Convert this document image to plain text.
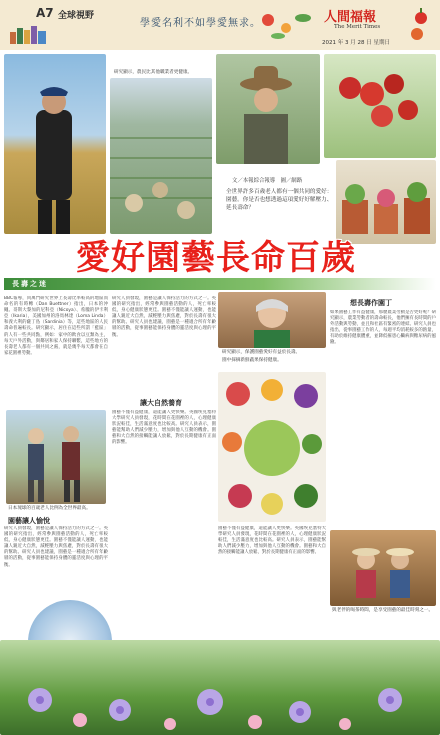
A7 全球視野
學愛名利不如學愛無求。	人間福報
The Merit Times
2021 年 3 月 28 日 星期日
研究顯示，農民比其他職業者更健康。
文／本報綜合報導　圖／網路
全世界許多百歲老人都有一個共同的愛好：園藝。你是否也想透過這項愛好好解壓力、延長壽命？
愛好園藝長命百歲
長壽之迷
BBC報導，同萬門研究世界上長壽比率較高的地區而命名的有時轉（Dan Buettner）指出，日本的沖繩、哥斯大黎加的尼科亞（Nicoya）、希臘的伊卡利亞（Ikaria），美國加州的洛馬林達（Loma Linda）和義大利的薩丁島（Sardinia）等，這些地區的人民壽命普遍較長。研究顯示，居住在這些所謂「藍區」的人有一些共同點，例如：家中的飲食以豆類為主，每天戶外活動，與鄰居和家人保持聯繫，這些地方的長壽老人都有一個共同之處，就是幾乎每天都會在自家花園裡勞動。
日本琉球的百歲老人比例為全世界最高。
園藝讓人愉悅
研究人員發現，園藝是讓人保持活力的方式之一。英國的研究指出，經常參與園藝活動的人，死亡率較低，身心健康狀態更佳。園藝不僅能讓人運動，也能讓人親近大自然，減輕壓力與焦慮，對於長壽有很大的幫助。研究人員也建議，園藝是一種適合所有年齡層的活動，從事園藝能保持身體的靈活度與心理的平衡。
研究人員發現，園藝是讓人保持活力的方式之一。英國的研究指出，經常參與園藝活動的人，死亡率較低，身心健康狀態更佳。園藝不僅能讓人運動，也能讓人親近大自然，減輕壓力與焦慮，對於長壽有很大的幫助。研究人員也建議，園藝是一種適合所有年齡層的活動，從事園藝能保持身體的靈活度與心理的平衡。
讓大自然養育
園藝不僅有益健康，還能讓人更快樂。英國埃克塞特大學研究人員發現，花時間在花園裡的人，心理健康狀況較佳，生活滿意度也比較高。研究人員表示，園藝能幫助人們減少壓力，增加與他人互動的機會。園藝和大自然的接觸能讓人放鬆，對於長期健康有正面的影響。
研究顯示，保護園藝愛好有益於長壽。
園中採摘新鮮蔬果保持健康。
園藝不僅有益健康，還能讓人更快樂。英國埃克塞特大學研究人員發現，花時間在花園裡的人，心理健康狀況較佳，生活滿意度也比較高。研究人員表示，園藝能幫助人們減少壓力，增加與他人互動的機會。園藝和大自然的接觸能讓人放鬆，對於長期健康有正面的影響。
想長壽作園丁
如果園藝工作有益健康，那麼農業勞動是否更好呢？研究顯示，農業勞動者的壽命較長，他們擁有長時間的戶外活動與勞動，並且和社區有緊密的連結。研究人員也指出，從事園藝工作的人，每週平均消耗較多的熱量，有助於維持健康體重，並降低罹患心臟病與糖尿病的風險。
與老伴的喝茶時間，是享受園藝的最佳時刻之一。
